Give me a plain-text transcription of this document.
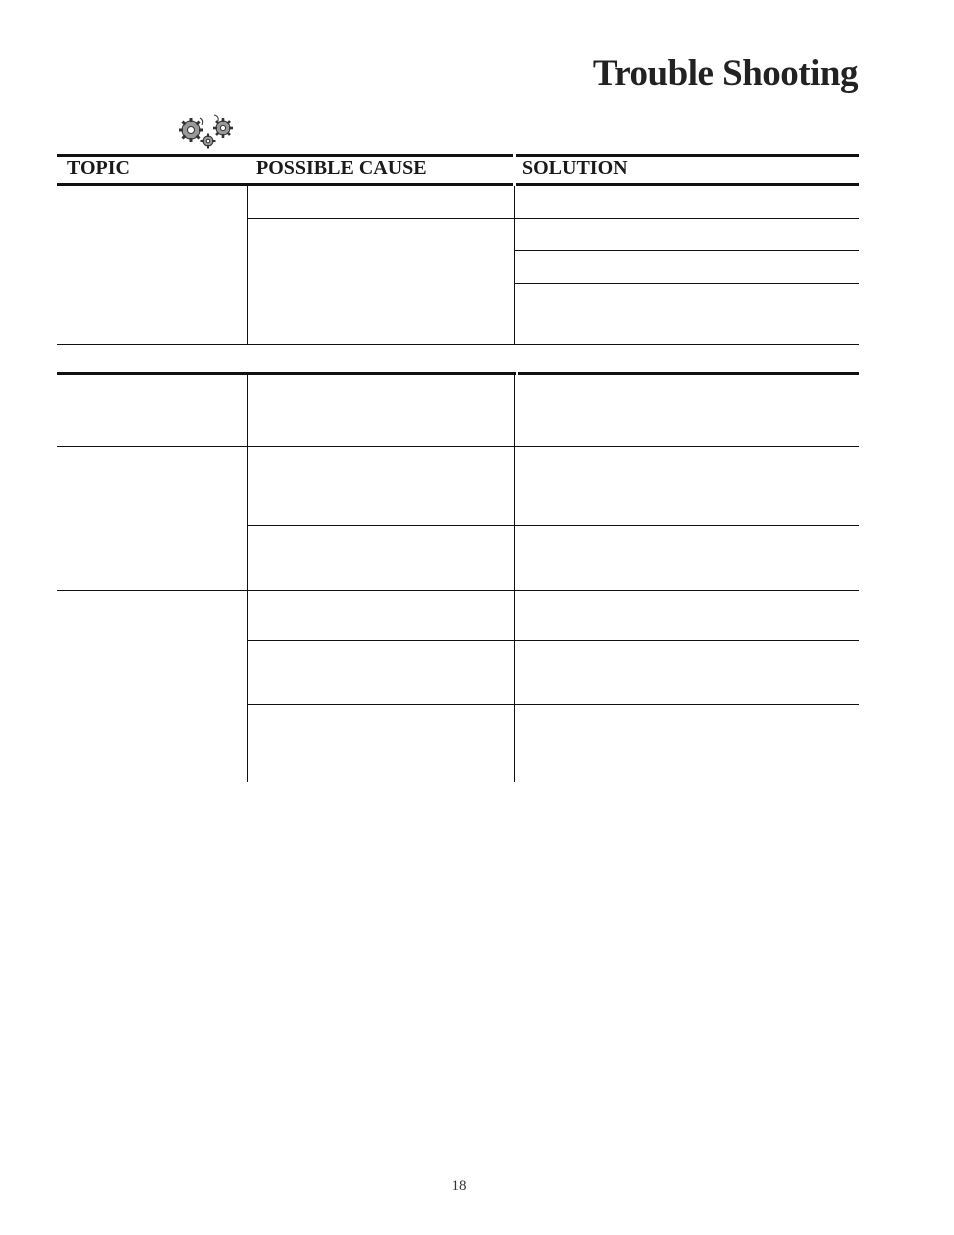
Trouble Shooting
TOPIC	POSSIBLE CAUSE	SOLUTION
18
